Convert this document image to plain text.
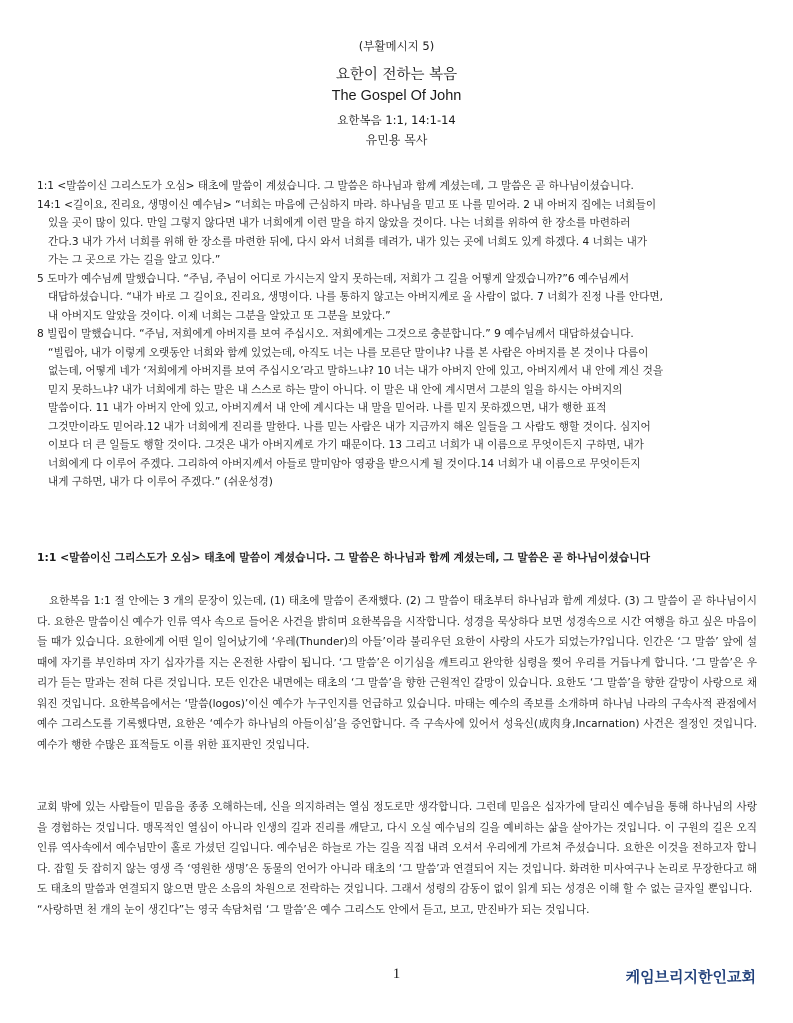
(부활메시지 5)
요한이 전하는 복음
The Gospel Of John
요한복음 1:1, 14:1-14
유민용 목사

1:1 <말씀이신 그리스도가 오심> 태초에 말씀이 계셨습니다. 그 말씀은 하나님과 함께 계셨는데, 그 말씀은 곧 하나님이셨습니다.

14:1 <길이요, 진리요, 생명이신 예수님> “너희는 마음에 근심하지 마라. 하나님을 믿고 또 나를 믿어라. 2 내 아버지 집에는 너희들이

있을 곳이 많이 있다. 만일 그렇지 않다면 내가 너희에게 이런 말을 하지 않았을 것이다. 나는 너희를 위하여 한 장소를 마련하러

간다.3 내가 가서 너희를 위해 한 장소를 마련한 뒤에, 다시 와서 너희를 데려가, 내가 있는 곳에 너희도 있게 하겠다. 4 너희는 내가

가는 그 곳으로 가는 길을 알고 있다.”

5 도마가 예수님께 말했습니다. “주님, 주님이 어디로 가시는지 알지 못하는데, 저희가 그 길을 어떻게 알겠습니까?”6 예수님께서

대답하셨습니다. “내가 바로 그 길이요, 진리요, 생명이다. 나를 통하지 않고는 아버지께로 올 사람이 없다. 7 너희가 진정 나를 안다면,

내 아버지도 알았을 것이다. 이제 너희는 그분을 알았고 또 그분을 보았다.”

8 빌립이 말했습니다. “주님, 저희에게 아버지를 보여 주십시오. 저희에게는 그것으로 충분합니다.” 9 예수님께서 대답하셨습니다.

“빌립아, 내가 이렇게 오랫동안 너희와 함께 있었는데, 아직도 너는 나를 모른단 말이냐? 나를 본 사람은 아버지를 본 것이나 다름이

없는데, 어떻게 네가 ‘저희에게 아버지를 보여 주십시오’라고 말하느냐? 10 너는 내가 아버지 안에 있고, 아버지께서 내 안에 계신 것을

믿지 못하느냐? 내가 너희에게 하는 말은 내 스스로 하는 말이 아니다. 이 말은 내 안에 계시면서 그분의 일을 하시는 아버지의

말씀이다. 11 내가 아버지 안에 있고, 아버지께서 내 안에 계시다는 내 말을 믿어라. 나를 믿지 못하겠으면, 내가 행한 표적

그것만이라도 믿어라.12 내가 너희에게 진리를 말한다. 나를 믿는 사람은 내가 지금까지 해온 일들을 그 사람도 행할 것이다. 심지어

이보다 더 큰 일들도 행할 것이다. 그것은 내가 아버지께로 가기 때문이다. 13 그리고 너희가 내 이름으로 무엇이든지 구하면, 내가

너희에게 다 이루어 주겠다. 그리하여 아버지께서 아들로 말미암아 영광을 받으시게 될 것이다.14 너희가 내 이름으로 무엇이든지

내게 구하면, 내가 다 이루어 주겠다.” (쉬운성경)

1:1 <말씀이신 그리스도가 오심> 태초에 말씀이 계셨습니다. 그 말씀은 하나님과 함께 계셨는데, 그 말씀은 곧 하나님이셨습니다

요한복음 1:1 절 안에는 3 개의 문장이 있는데, (1) 태초에 말씀이 존재했다. (2) 그 말씀이 태초부터 하나님과 함께 계셨다. (3) 그 말씀이 곧 하나님이시다. 요한은 말씀이신 예수가 인류 역사 속으로 들어온 사건을 밝히며 요한복음을 시작합니다. 성경을 묵상하다 보면 성경속으로 시간 여행을 하고 싶은 마음이 들 때가 있습니다. 요한에게 어떤 일이 일어났기에 ‘우레(Thunder)의 아들’이라 불리우던 요한이 사랑의 사도가 되었는가?입니다. 인간은 ‘그 말씀’ 앞에 설때에 자기를 부인하며 자기 십자가를 지는 온전한 사람이 됩니다. ‘그 말씀’은 이기심을 깨트리고 완악한 심령을 찢어 우리를 거듭나게 합니다. ‘그 말씀’은 우리가 듣는 말과는 전혀 다른 것입니다. 모든 인간은 내면에는 태초의 ‘그 말씀’을 향한 근원적인 갈망이 있습니다. 요한도 ‘그 말씀’을 향한 갈망이 사랑으로 채워진 것입니다. 요한복음에서는 ‘말씀(logos)’이신 예수가 누구인지를 언급하고 있습니다. 마태는 예수의 족보를 소개하며 하나님 나라의 구속사적 관점에서 예수 그리스도를 기록했다면, 요한은 ‘예수가 하나님의 아들이심’을 증언합니다. 즉 구속사에 있어서 성육신(成肉身,Incarnation) 사건은 절정인 것입니다. 예수가 행한 수많은 표적들도 이를 위한 표지판인 것입니다.

교회 밖에 있는 사람들이 믿음을 종종 오해하는데, 신을 의지하려는 열심 정도로만 생각합니다. 그런데 믿음은 십자가에 달리신 예수님을 통해 하나님의 사랑을 경험하는 것입니다. 맹목적인 열심이 아니라 인생의 길과 진리를 깨닫고, 다시 오실 예수님의 길을 예비하는 삶을 살아가는 것입니다. 이 구원의 길은 오직 인류 역사속에서 예수님만이 홀로 가셨던 길입니다. 예수님은 하늘로 가는 길을 직접 내려 오셔서 우리에게 가르쳐 주셨습니다. 요한은 이것을 전하고자 합니다. 잡힐 듯 잡히지 않는 영생 즉 ‘영원한 생명’은 동물의 언어가 아니라 태초의 ‘그 말씀’과 연결되어 지는 것입니다. 화려한 미사여구나 논리로 무장한다고 해도 태초의 말씀과 연결되지 않으면 말은 소음의 차원으로 전락하는 것입니다. 그래서 성령의 감동이 없이 읽게 되는 성경은 이해 할 수 없는 글자일 뿐입니다.

“사랑하면 천 개의 눈이 생긴다”는 영국 속담처럼 ‘그 말씀’은 예수 그리스도 안에서 듣고, 보고, 만진바가 되는 것입니다.

1	케임브리지한인교회
